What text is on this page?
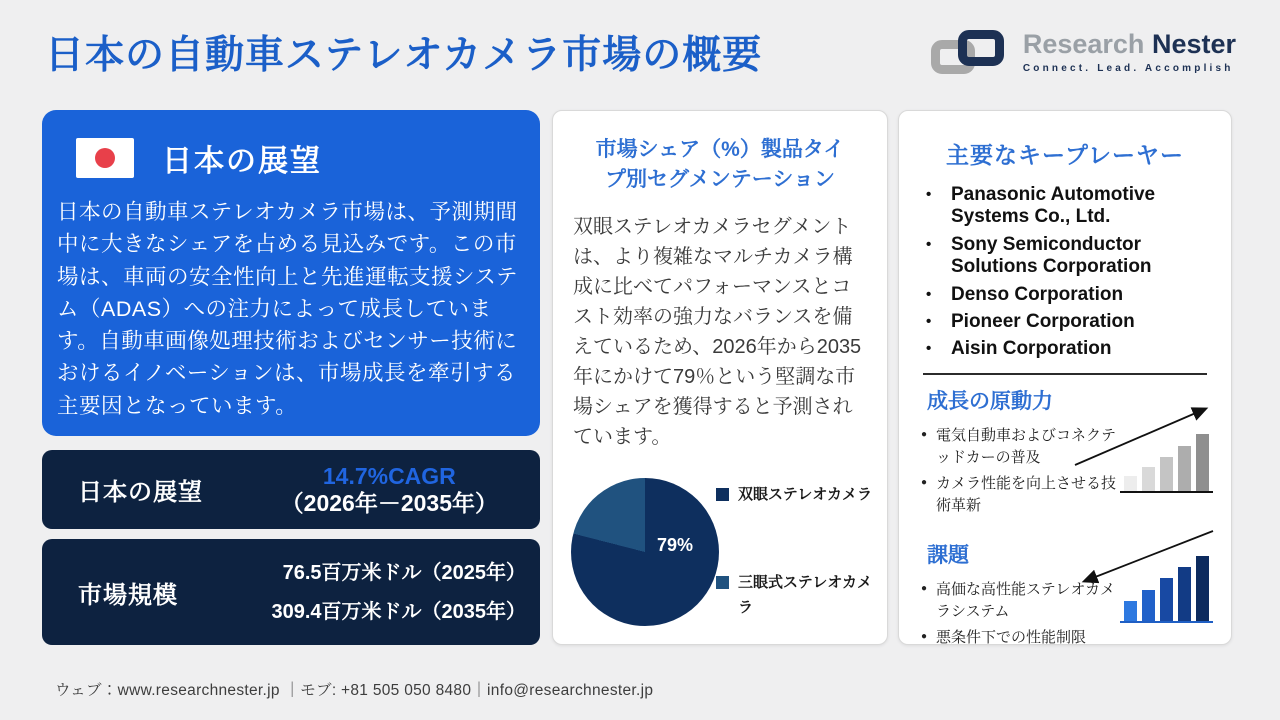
日本の自動車ステレオカメラ市場の概要	Research Nester
Connect. Lead. Accomplish
日本の展望
日本の自動車ステレオカメラ市場は、予測期間中に大きなシェアを占める見込みです。この市場は、車両の安全性向上と先進運転支援システム（ADAS）への注力によって成長しています。自動車画像処理技術およびセンサー技術におけるイノベーションは、市場成長を牽引する主要因となっています。
日本の展望
14.7%CAGR
（2026年－2035年）
市場規模
76.5百万米ドル（2025年）
309.4百万米ドル（2035年）
市場シェア（%）製品タイプ別セグメンテーション
双眼ステレオカメラセグメントは、より複雑なマルチカメラ構成に比べてパフォーマンスとコスト効率の強力なバランスを備えているため、2026年から2035年にかけて79％という堅調な市場シェアを獲得すると予測されています。
79%
双眼ステレオカメラ
三眼式ステレオカメラ
主要なキープレーヤー
•	Panasonic Automotive Systems Co., Ltd.
•	Sony Semiconductor Solutions Corporation
•	Denso Corporation
•	Pioneer Corporation
•	Aisin Corporation
成長の原動力
● 電気自動車およびコネクテッドカーの普及
● カメラ性能を向上させる技術革新
課題
● 高価な高性能ステレオカメラシステム
● 悪条件下での性能制限
ウェブ：www.researchnester.jp ｜モブ: +81 505 050 8480｜info@researchnester.jp
